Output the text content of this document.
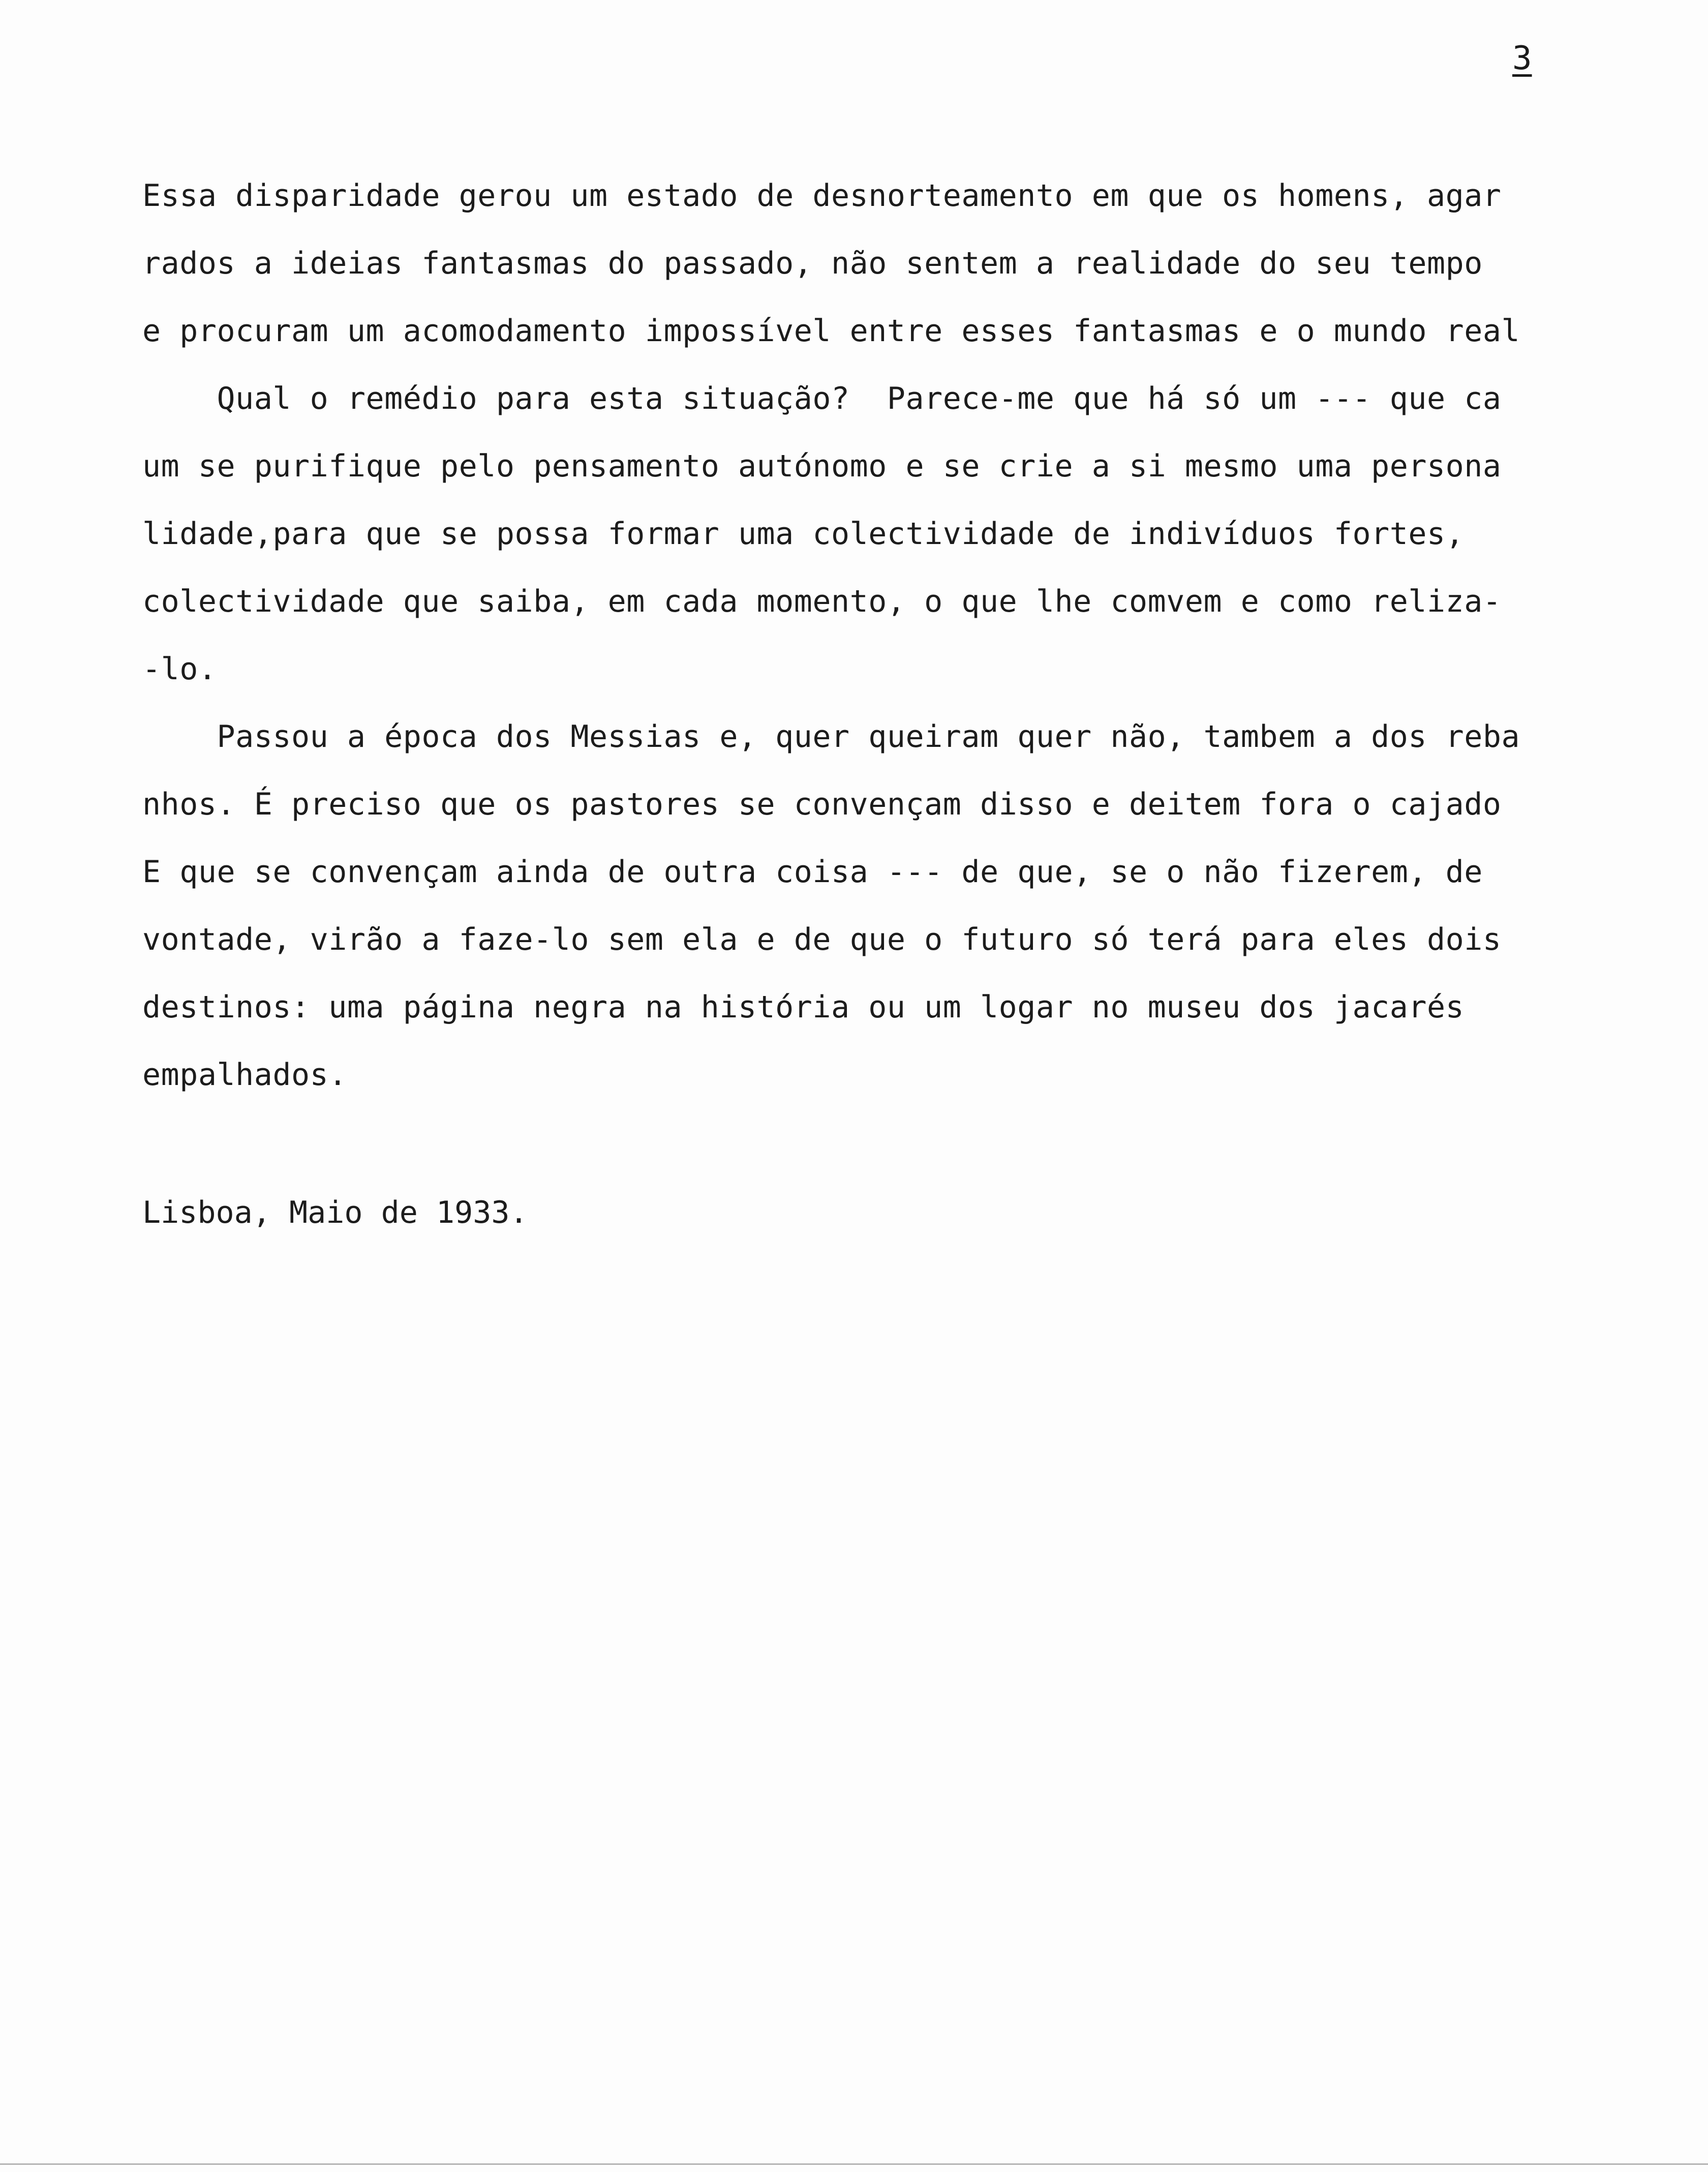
3
Essa disparidade gerou um estado de desnorteamento em que os homens, agar
rados a ideias fantasmas do passado, não sentem a realidade do seu tempo
e procuram um acomodamento impossível entre esses fantasmas e o mundo real
Qual o remédio para esta situação?  Parece-me que há só um --- que ca
um se purifique pelo pensamento autónomo e se crie a si mesmo uma persona
lidade,para que se possa formar uma colectividade de indivíduos fortes,
colectividade que saiba, em cada momento, o que lhe comvem e como reliza-
-lo.
Passou a época dos Messias e, quer queiram quer não, tambem a dos reba
nhos. É preciso que os pastores se convençam disso e deitem fora o cajado
E que se convençam ainda de outra coisa --- de que, se o não fizerem, de
vontade, virão a faze-lo sem ela e de que o futuro só terá para eles dois
destinos: uma página negra na história ou um logar no museu dos jacarés
empalhados.
Lisboa, Maio de 1933.
